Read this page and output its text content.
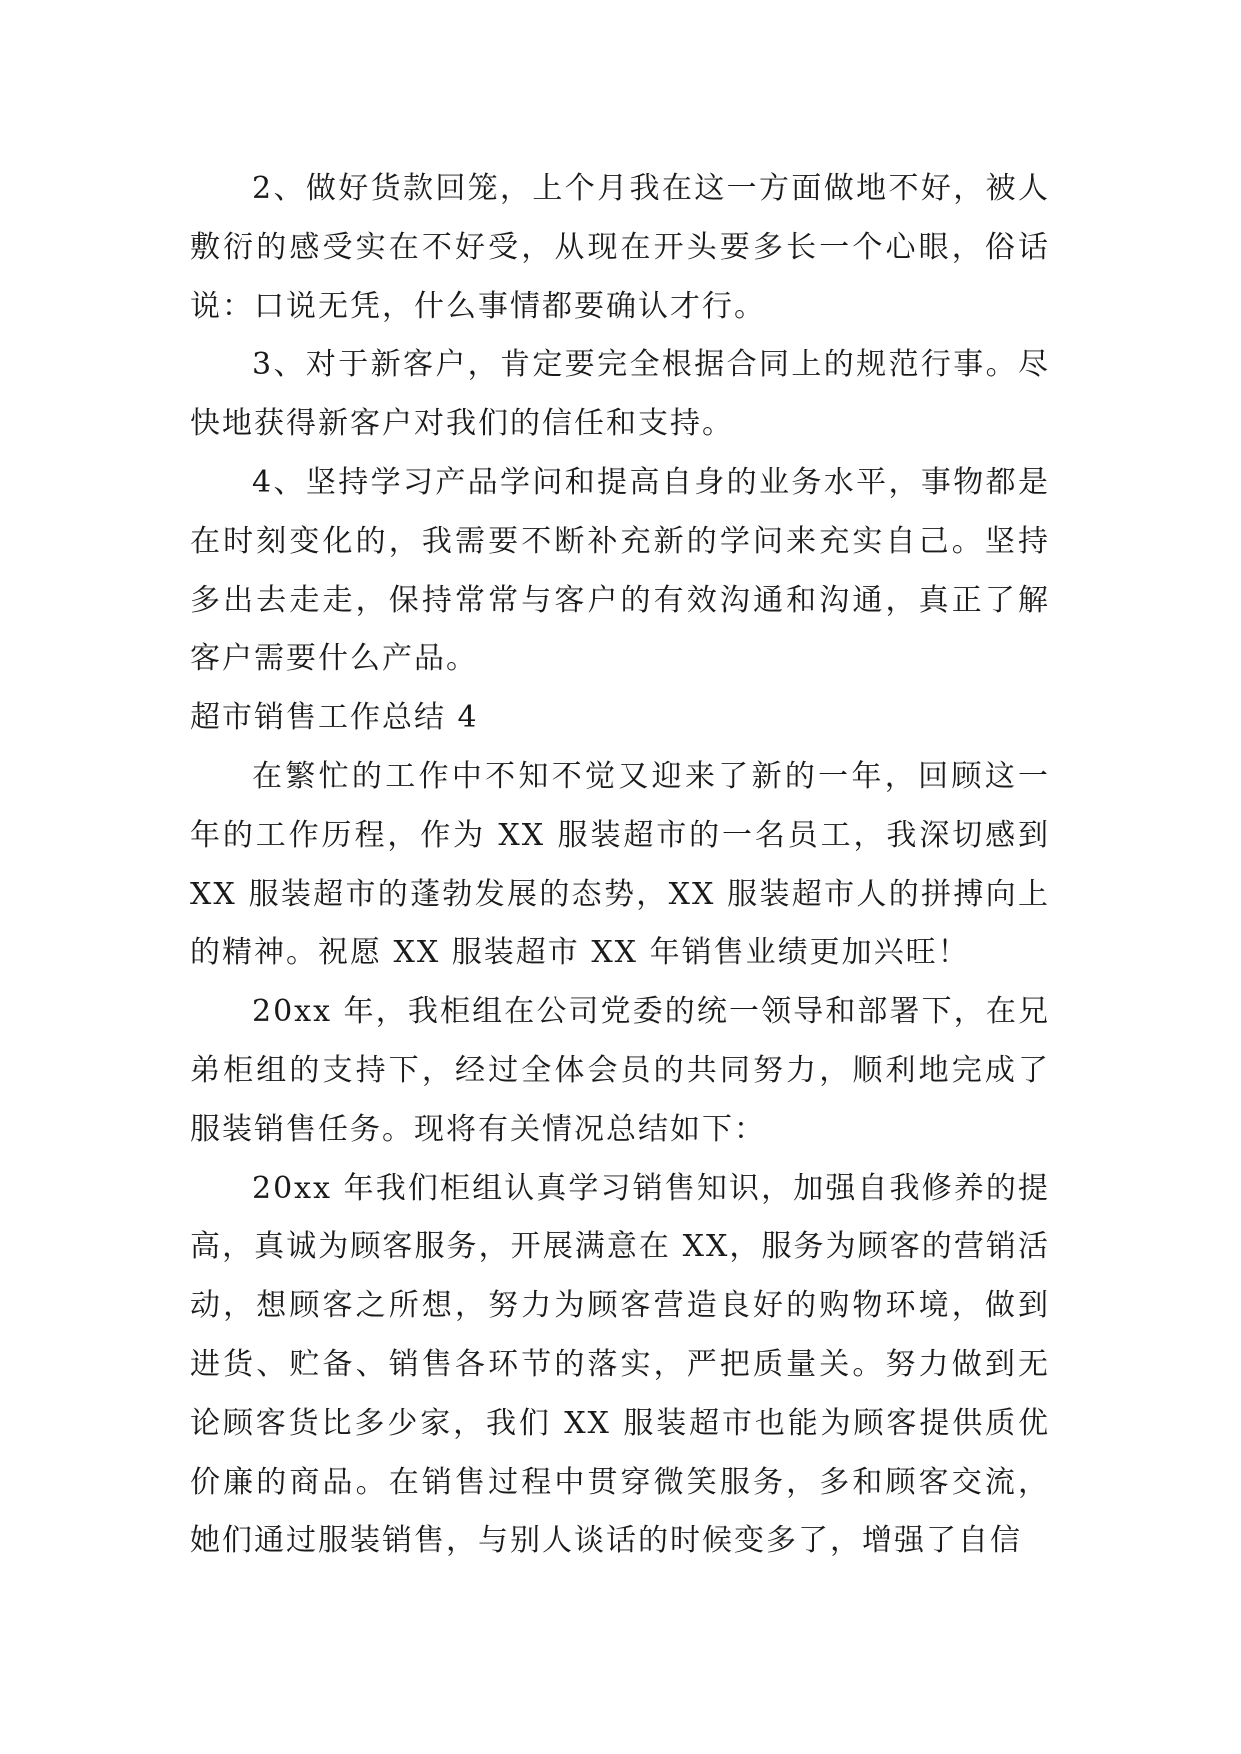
2、做好货款回笼，上个月我在这一方面做地不好，被人敷衍的感受实在不好受，从现在开头要多长一个心眼，俗话说：口说无凭，什么事情都要确认才行。

3、对于新客户，肯定要完全根据合同上的规范行事。尽快地获得新客户对我们的信任和支持。

4、坚持学习产品学问和提高自身的业务水平，事物都是在时刻变化的，我需要不断补充新的学问来充实自己。坚持多出去走走，保持常常与客户的有效沟通和沟通，真正了解客户需要什么产品。

超市销售工作总结 4

在繁忙的工作中不知不觉又迎来了新的一年，回顾这一年的工作历程，作为 XX 服装超市的一名员工，我深切感到 XX 服装超市的蓬勃发展的态势，XX 服装超市人的拼搏向上的精神。祝愿 XX 服装超市 XX 年销售业绩更加兴旺！

20xx 年，我柜组在公司党委的统一领导和部署下，在兄弟柜组的支持下，经过全体会员的共同努力，顺利地完成了服装销售任务。现将有关情况总结如下：

20xx 年我们柜组认真学习销售知识，加强自我修养的提高，真诚为顾客服务，开展满意在 XX，服务为顾客的营销活动，想顾客之所想，努力为顾客营造良好的购物环境，做到进货、贮备、销售各环节的落实，严把质量关。努力做到无论顾客货比多少家，我们 XX 服装超市也能为顾客提供质优价廉的商品。在销售过程中贯穿微笑服务，多和顾客交流，她们通过服装销售，与别人谈话的时候变多了，增强了自信
